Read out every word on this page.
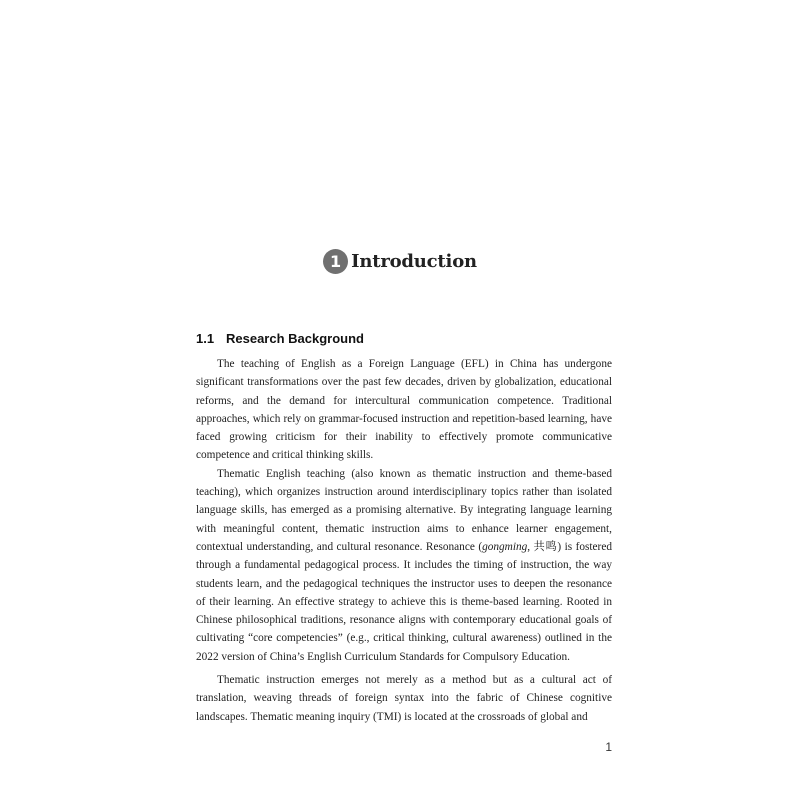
1 Introduction
1.1 Research Background

The teaching of English as a Foreign Language (EFL) in China has undergone significant transformations over the past few decades, driven by globalization, educational reforms, and the demand for intercultural communication competence. Traditional approaches, which rely on grammar-focused instruction and repetition-based learning, have faced growing criticism for their inability to effectively promote communicative competence and critical thinking skills.

Thematic English teaching (also known as thematic instruction and theme-based teaching), which organizes instruction around interdisciplinary topics rather than isolated language skills, has emerged as a promising alternative. By integrating language learning with meaningful content, thematic instruction aims to enhance learner engagement, contextual understanding, and cultural resonance. Resonance (gongming, 共鸣) is fostered through a fundamental pedagogical process. It includes the timing of instruction, the way students learn, and the pedagogical techniques the instructor uses to deepen the resonance of their learning. An effective strategy to achieve this is theme-based learning. Rooted in Chinese philosophical traditions, resonance aligns with contemporary educational goals of cultivating “core competencies” (e.g., critical thinking, cultural awareness) outlined in the 2022 version of China’s English Curriculum Standards for Compulsory Education.

Thematic instruction emerges not merely as a method but as a cultural act of translation, weaving threads of foreign syntax into the fabric of Chinese cognitive landscapes. Thematic meaning inquiry (TMI) is located at the crossroads of global and

1
